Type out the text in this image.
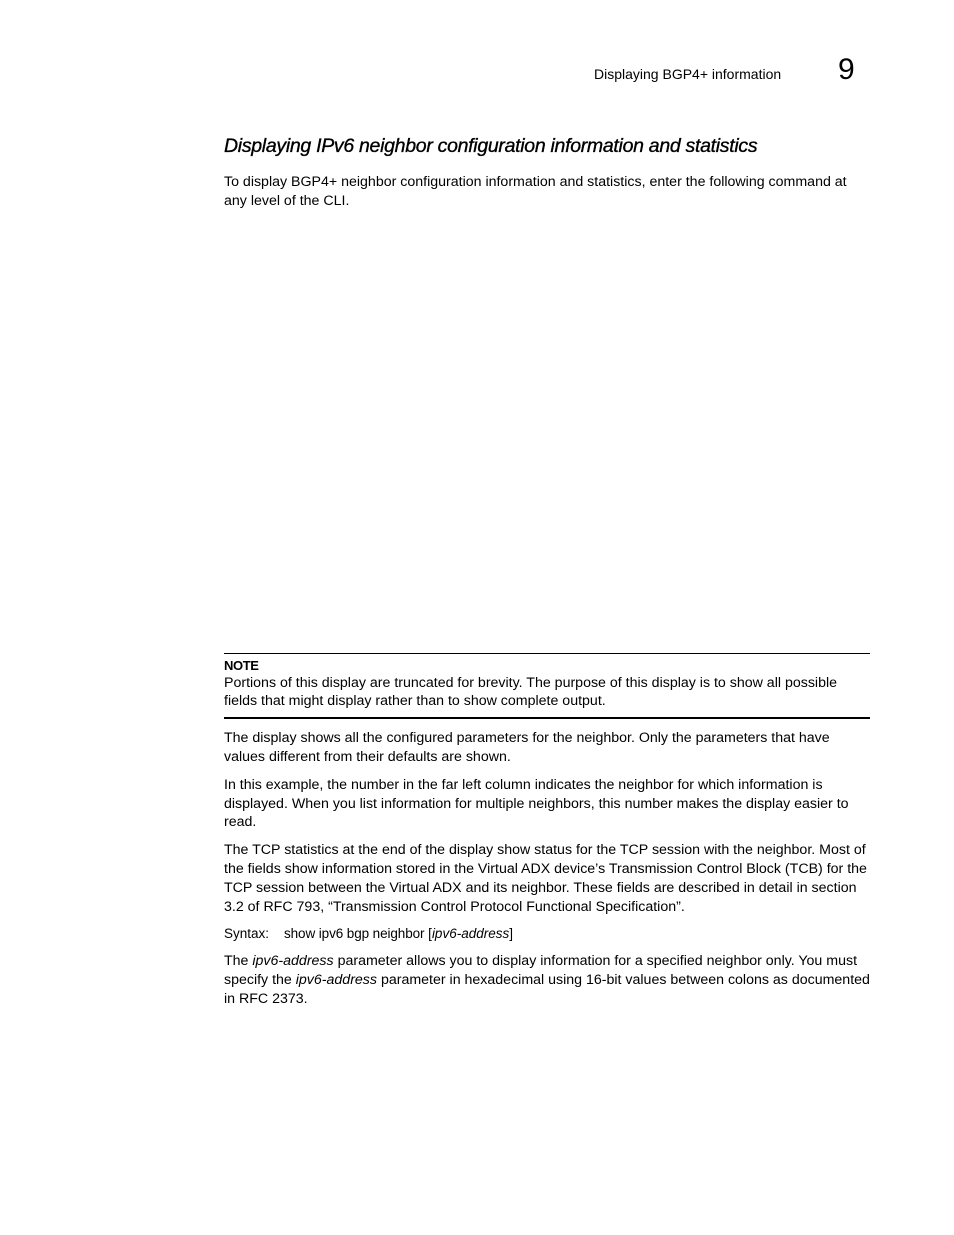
Displaying BGP4+ information 9
Displaying IPv6 neighbor configuration information and statistics

To display BGP4+ neighbor configuration information and statistics, enter the following command at any level of the CLI.

NOTE

Portions of this display are truncated for brevity. The purpose of this display is to show all possible fields that might display rather than to show complete output.

The display shows all the configured parameters for the neighbor. Only the parameters that have values different from their defaults are shown.

In this example, the number in the far left column indicates the neighbor for which information is displayed. When you list information for multiple neighbors, this number makes the display easier to read.

The TCP statistics at the end of the display show status for the TCP session with the neighbor. Most of the fields show information stored in the Virtual ADX device’s Transmission Control Block (TCB) for the TCP session between the Virtual ADX and its neighbor. These fields are described in detail in section 3.2 of RFC 793, “Transmission Control Protocol Functional Specification”.

Syntax: show ipv6 bgp neighbor [ipv6-address]

The ipv6-address parameter allows you to display information for a specified neighbor only. You must specify the ipv6-address parameter in hexadecimal using 16-bit values between colons as documented in RFC 2373.
